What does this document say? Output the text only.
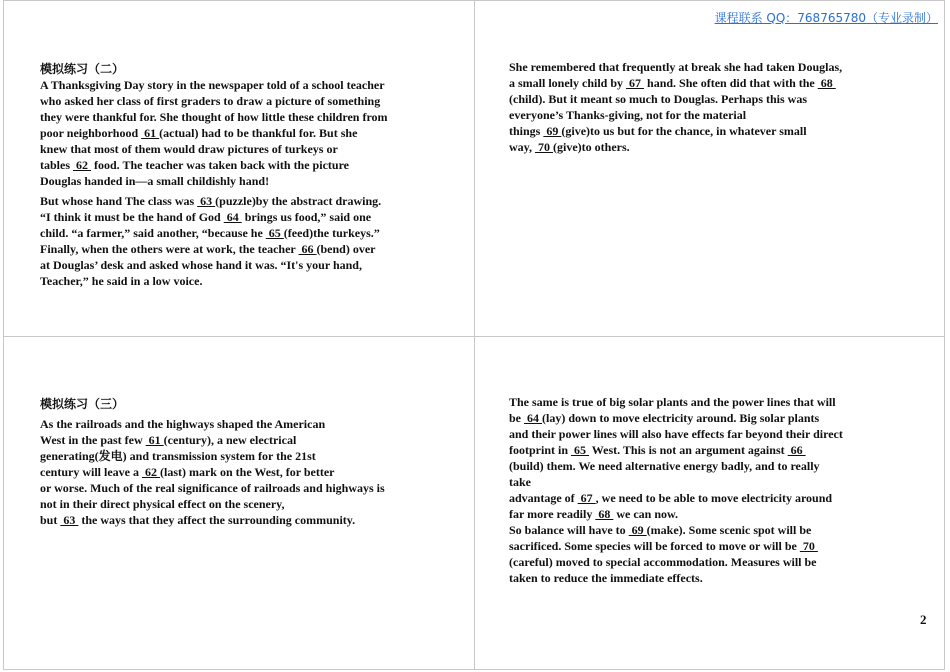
课程联系 QQ：768765780（专业录制）

模拟练习（二）

A Thanksgiving Day story in the newspaper told of a school teacher

who asked her class of first graders to draw a picture of something

they were thankful for. She thought of how little these children from

poor neighborhood  61 (actual) had to be thankful for. But she

knew that most of them would draw pictures of turkeys or

tables  62  food. The teacher was taken back with the picture

Douglas handed in—a small childishly hand!

But whose hand The class was  63 (puzzle)by the abstract drawing.

“I think it must be the hand of God  64  brings us food,” said one

child. “a farmer,” said another, “because he  65 (feed)the turkeys.”

Finally, when the others were at work, the teacher  66 (bend) over

at Douglas’ desk and asked whose hand it was. “It's your hand,

Teacher,” he said in a low voice.

She remembered that frequently at break she had taken Douglas,

a small lonely child by  67  hand. She often did that with the  68

(child). But it meant so much to Douglas. Perhaps this was

everyone’s Thanks-giving, not for the material

things  69 (give)to us but for the chance, in whatever small

way,  70 (give)to others.

模拟练习（三）

As the railroads and the highways shaped the American

West in the past few  61 (century), a new electrical

generating(发电) and transmission system for the 21st

century will leave a  62 (last) mark on the West, for better

or worse. Much of the real significance of railroads and highways is

not in their direct physical effect on the scenery,

but  63  the ways that they affect the surrounding community.

The same is true of big solar plants and the power lines that will

be  64 (lay) down to move electricity around. Big solar plants

and their power lines will also have effects far beyond their direct

footprint in  65  West. This is not an argument against  66

(build) them. We need alternative energy badly, and to really

take

advantage of  67 , we need to be able to move electricity around

far more readily  68  we can now.

So balance will have to  69 (make). Some scenic spot will be

sacrificed. Some species will be forced to move or will be  70

(careful) moved to special accommodation. Measures will be

taken to reduce the immediate effects.

2
